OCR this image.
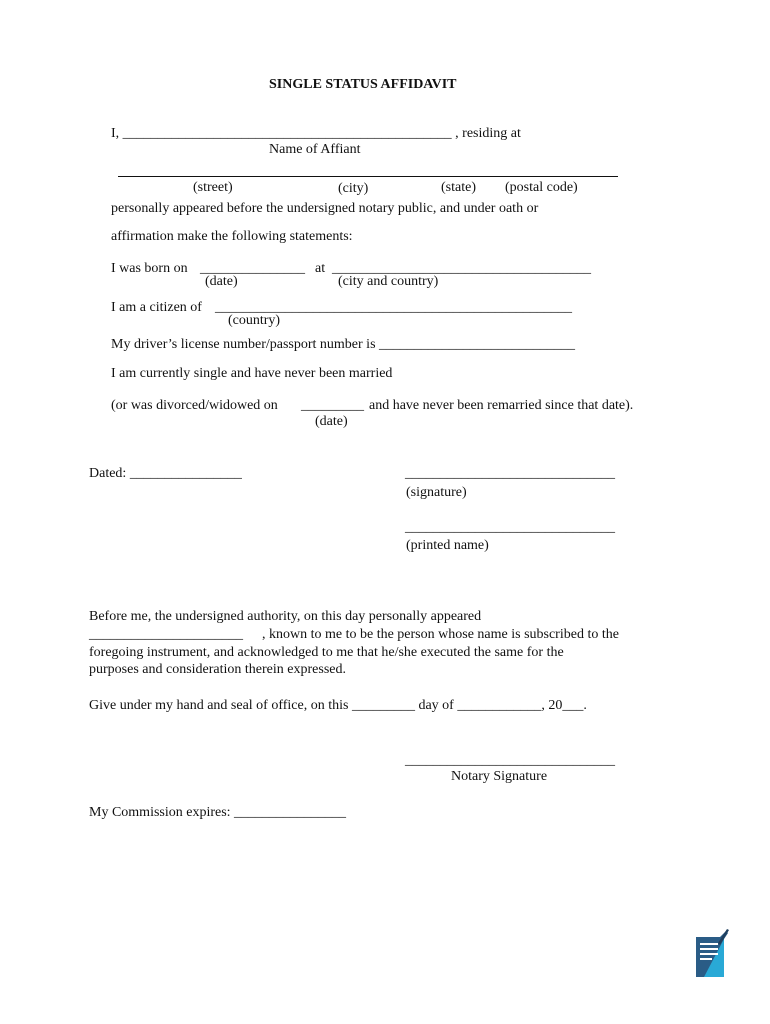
SINGLE STATUS AFFIDAVIT
I, _______________________________________________ , residing at
Name of Affiant
(street)	(city)	(state) (postal code)
personally appeared before the undersigned notary public, and under oath or
affirmation make the following statements:
I was born on _______________ at _____________________________________
(date)	(city and country)
I am a citizen of ___________________________________________________
(country)
My driver’s license number/passport number is ____________________________
I am currently single and have never been married
(or was divorced/widowed on _________ and have never been remarried since that date).
(date)
Dated: ________________	______________________________
(signature)
______________________________
(printed name)
Before me, the undersigned authority, on this day personally appeared
______________________ , known to me to be the person whose name is subscribed to the
foregoing instrument, and acknowledged to me that he/she executed the same for the
purposes and consideration therein expressed.
Give under my hand and seal of office, on this _________ day of ____________, 20___.
______________________________
Notary Signature
My Commission expires: ________________
